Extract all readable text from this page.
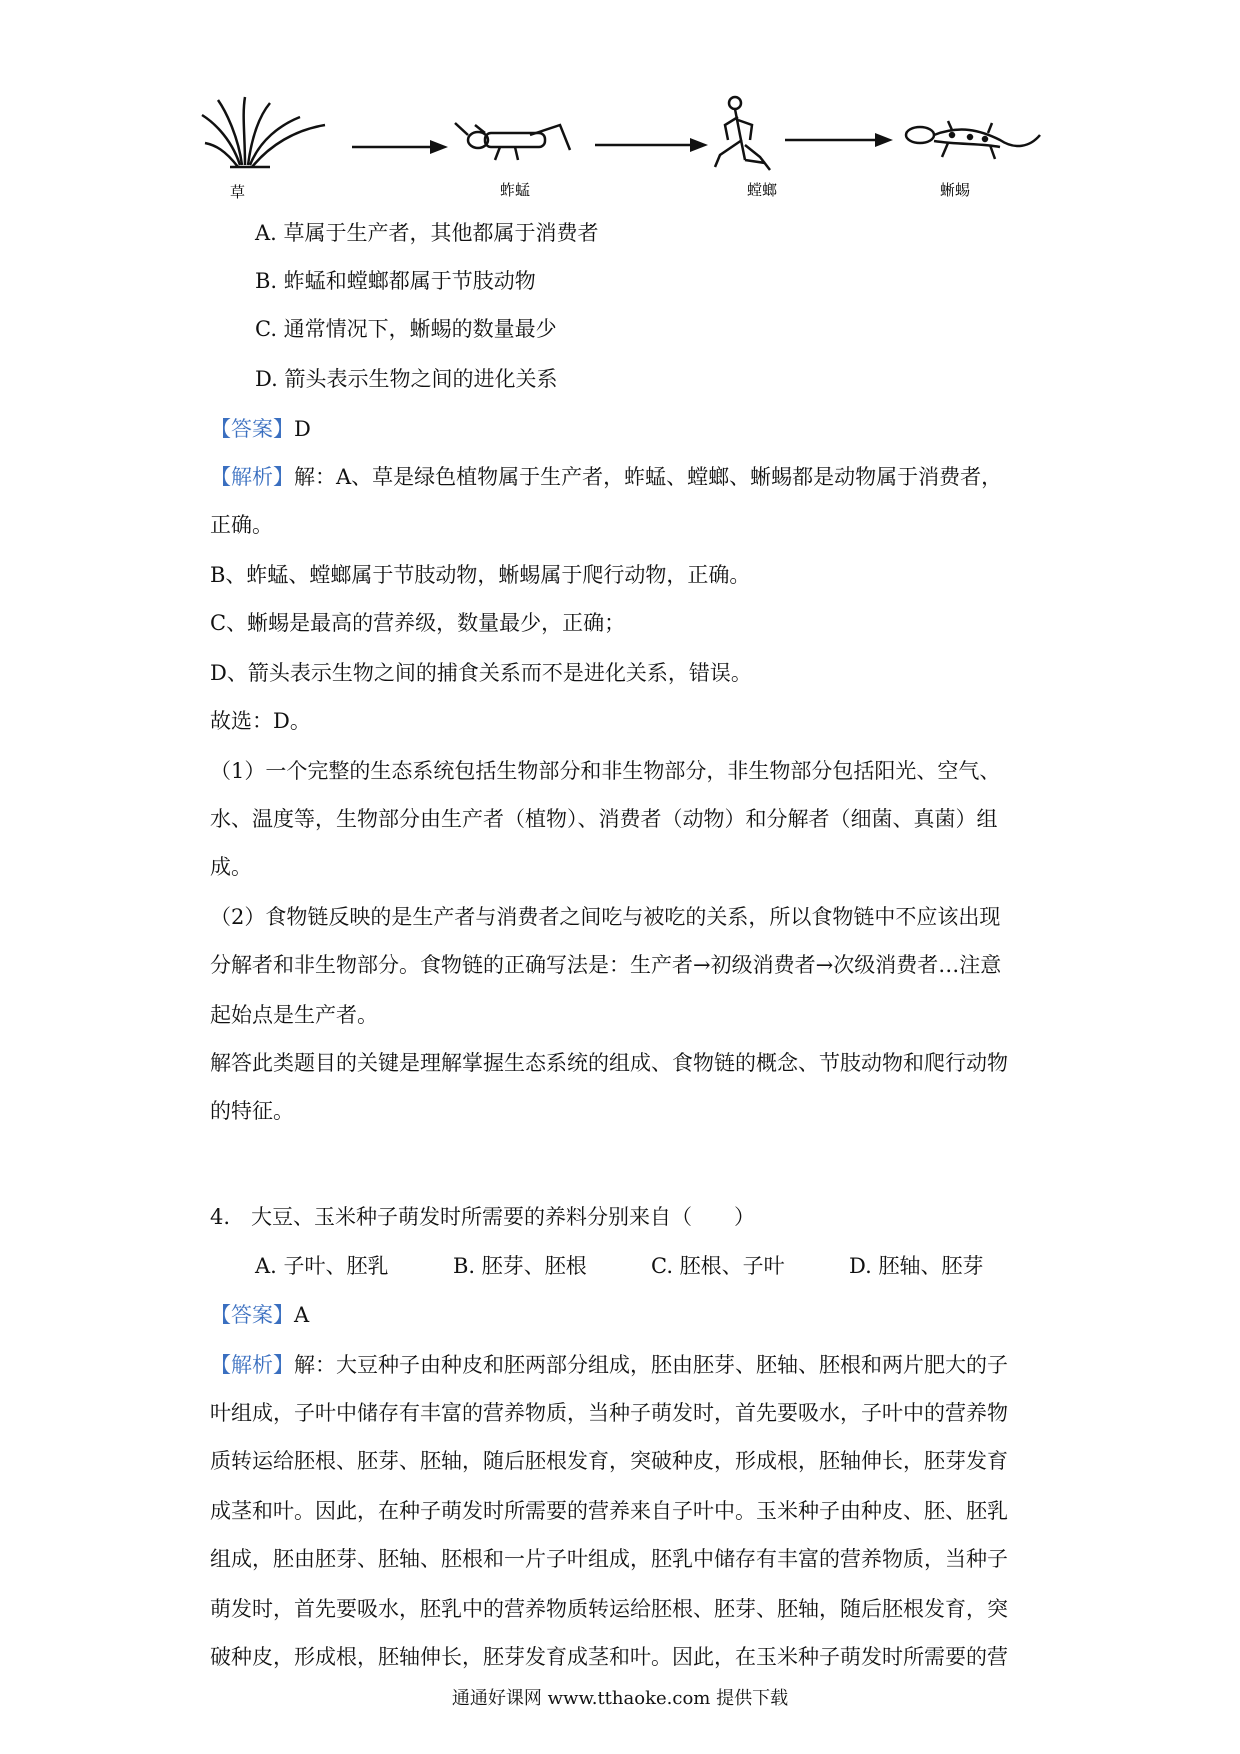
草	蚱蜢	螳螂	蜥蜴
A. 草属于生产者，其他都属于消费者
B. 蚱蜢和螳螂都属于节肢动物
C. 通常情况下，蜥蜴的数量最少
D. 箭头表示生物之间的进化关系
【答案】D
【解析】解：A、草是绿色植物属于生产者，蚱蜢、螳螂、蜥蜴都是动物属于消费者，
正确。
B、蚱蜢、螳螂属于节肢动物，蜥蜴属于爬行动物，正确。
C、蜥蜴是最高的营养级，数量最少，正确；
D、箭头表示生物之间的捕食关系而不是进化关系，错误。
故选：D。
（1）一个完整的生态系统包括生物部分和非生物部分，非生物部分包括阳光、空气、
水、温度等，生物部分由生产者（植物）、消费者（动物）和分解者（细菌、真菌）组
成。
（2）食物链反映的是生产者与消费者之间吃与被吃的关系，所以食物链中不应该出现
分解者和非生物部分。食物链的正确写法是：生产者→初级消费者→次级消费者…注意
起始点是生产者。
解答此类题目的关键是理解掌握生态系统的组成、食物链的概念、节肢动物和爬行动物
的特征。
4.　大豆、玉米种子萌发时所需要的养料分别来自（　　）
A. 子叶、胚乳	B. 胚芽、胚根	C. 胚根、子叶	D. 胚轴、胚芽
【答案】A
【解析】解：大豆种子由种皮和胚两部分组成，胚由胚芽、胚轴、胚根和两片肥大的子
叶组成，子叶中储存有丰富的营养物质，当种子萌发时，首先要吸水，子叶中的营养物
质转运给胚根、胚芽、胚轴，随后胚根发育，突破种皮，形成根，胚轴伸长，胚芽发育
成茎和叶。因此，在种子萌发时所需要的营养来自子叶中。玉米种子由种皮、胚、胚乳
组成，胚由胚芽、胚轴、胚根和一片子叶组成，胚乳中储存有丰富的营养物质，当种子
萌发时，首先要吸水，胚乳中的营养物质转运给胚根、胚芽、胚轴，随后胚根发育，突
破种皮，形成根，胚轴伸长，胚芽发育成茎和叶。因此，在玉米种子萌发时所需要的营
通通好课网 www.tthaoke.com 提供下载
